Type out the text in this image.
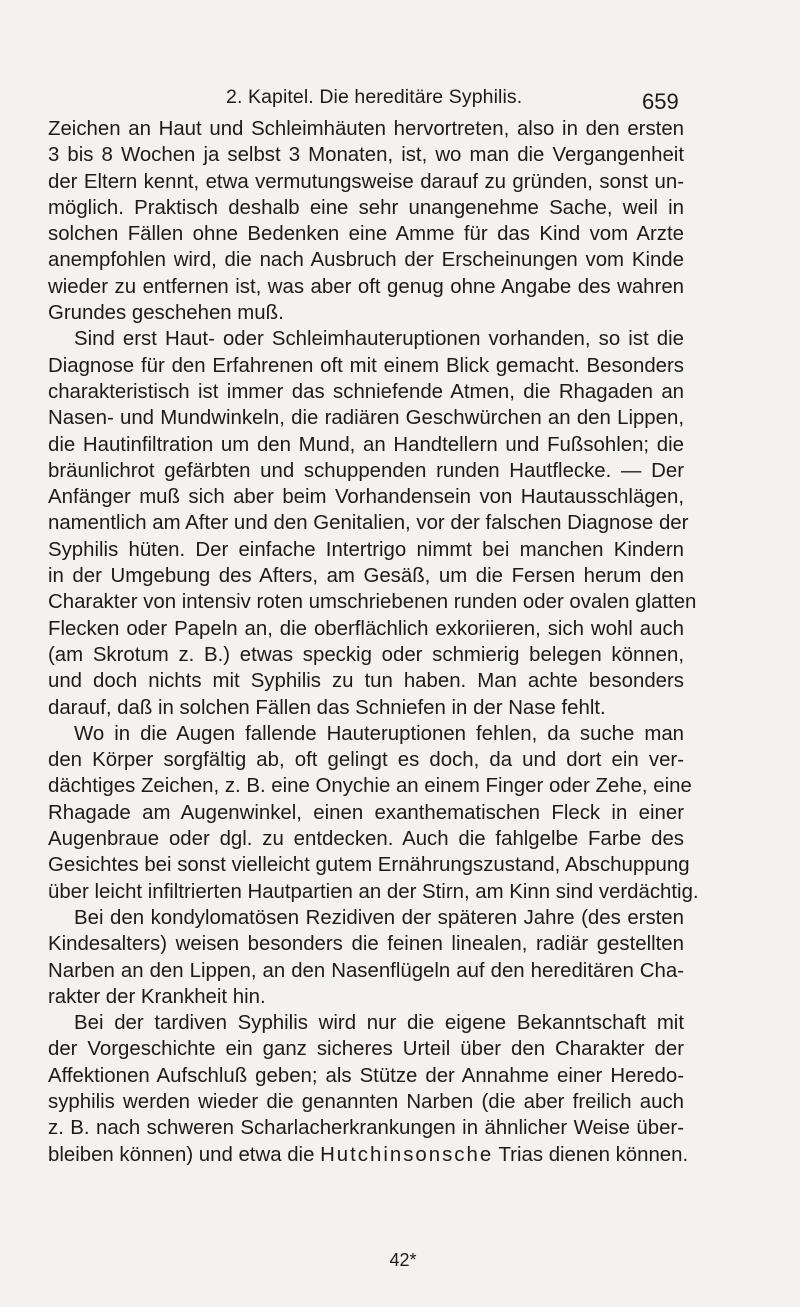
2. Kapitel. Die hereditäre Syphilis.	659
Zeichen an Haut und Schleimhäuten hervortreten, also in den ersten
3 bis 8 Wochen ja selbst 3 Monaten, ist, wo man die Vergangenheit
der Eltern kennt, etwa vermutungsweise darauf zu gründen, sonst un-
möglich. Praktisch deshalb eine sehr unangenehme Sache, weil in
solchen Fällen ohne Bedenken eine Amme für das Kind vom Arzte
anempfohlen wird, die nach Ausbruch der Erscheinungen vom Kinde
wieder zu entfernen ist, was aber oft genug ohne Angabe des wahren
Grundes geschehen muß.
Sind erst Haut- oder Schleimhauteruptionen vorhanden, so ist die
Diagnose für den Erfahrenen oft mit einem Blick gemacht. Besonders
charakteristisch ist immer das schniefende Atmen, die Rhagaden an
Nasen- und Mundwinkeln, die radiären Geschwürchen an den Lippen,
die Hautinfiltration um den Mund, an Handtellern und Fußsohlen; die
bräunlichrot gefärbten und schuppenden runden Hautflecke. — Der
Anfänger muß sich aber beim Vorhandensein von Hautausschlägen,
namentlich am After und den Genitalien, vor der falschen Diagnose der
Syphilis hüten. Der einfache Intertrigo nimmt bei manchen Kindern
in der Umgebung des Afters, am Gesäß, um die Fersen herum den
Charakter von intensiv roten umschriebenen runden oder ovalen glatten
Flecken oder Papeln an, die oberflächlich exkoriieren, sich wohl auch
(am Skrotum z. B.) etwas speckig oder schmierig belegen können,
und doch nichts mit Syphilis zu tun haben. Man achte besonders
darauf, daß in solchen Fällen das Schniefen in der Nase fehlt.
Wo in die Augen fallende Hauteruptionen fehlen, da suche man
den Körper sorgfältig ab, oft gelingt es doch, da und dort ein ver-
dächtiges Zeichen, z. B. eine Onychie an einem Finger oder Zehe, eine
Rhagade am Augenwinkel, einen exanthematischen Fleck in einer
Augenbraue oder dgl. zu entdecken. Auch die fahlgelbe Farbe des
Gesichtes bei sonst vielleicht gutem Ernährungszustand, Abschuppung
über leicht infiltrierten Hautpartien an der Stirn, am Kinn sind verdächtig.
Bei den kondylomatösen Rezidiven der späteren Jahre (des ersten
Kindesalters) weisen besonders die feinen linealen, radiär gestellten
Narben an den Lippen, an den Nasenflügeln auf den hereditären Cha-
rakter der Krankheit hin.
Bei der tardiven Syphilis wird nur die eigene Bekanntschaft mit
der Vorgeschichte ein ganz sicheres Urteil über den Charakter der
Affektionen Aufschluß geben; als Stütze der Annahme einer Heredo-
syphilis werden wieder die genannten Narben (die aber freilich auch
z. B. nach schweren Scharlacherkrankungen in ähnlicher Weise über-
bleiben können) und etwa die Hutchinsonsche Trias dienen können.
42*
